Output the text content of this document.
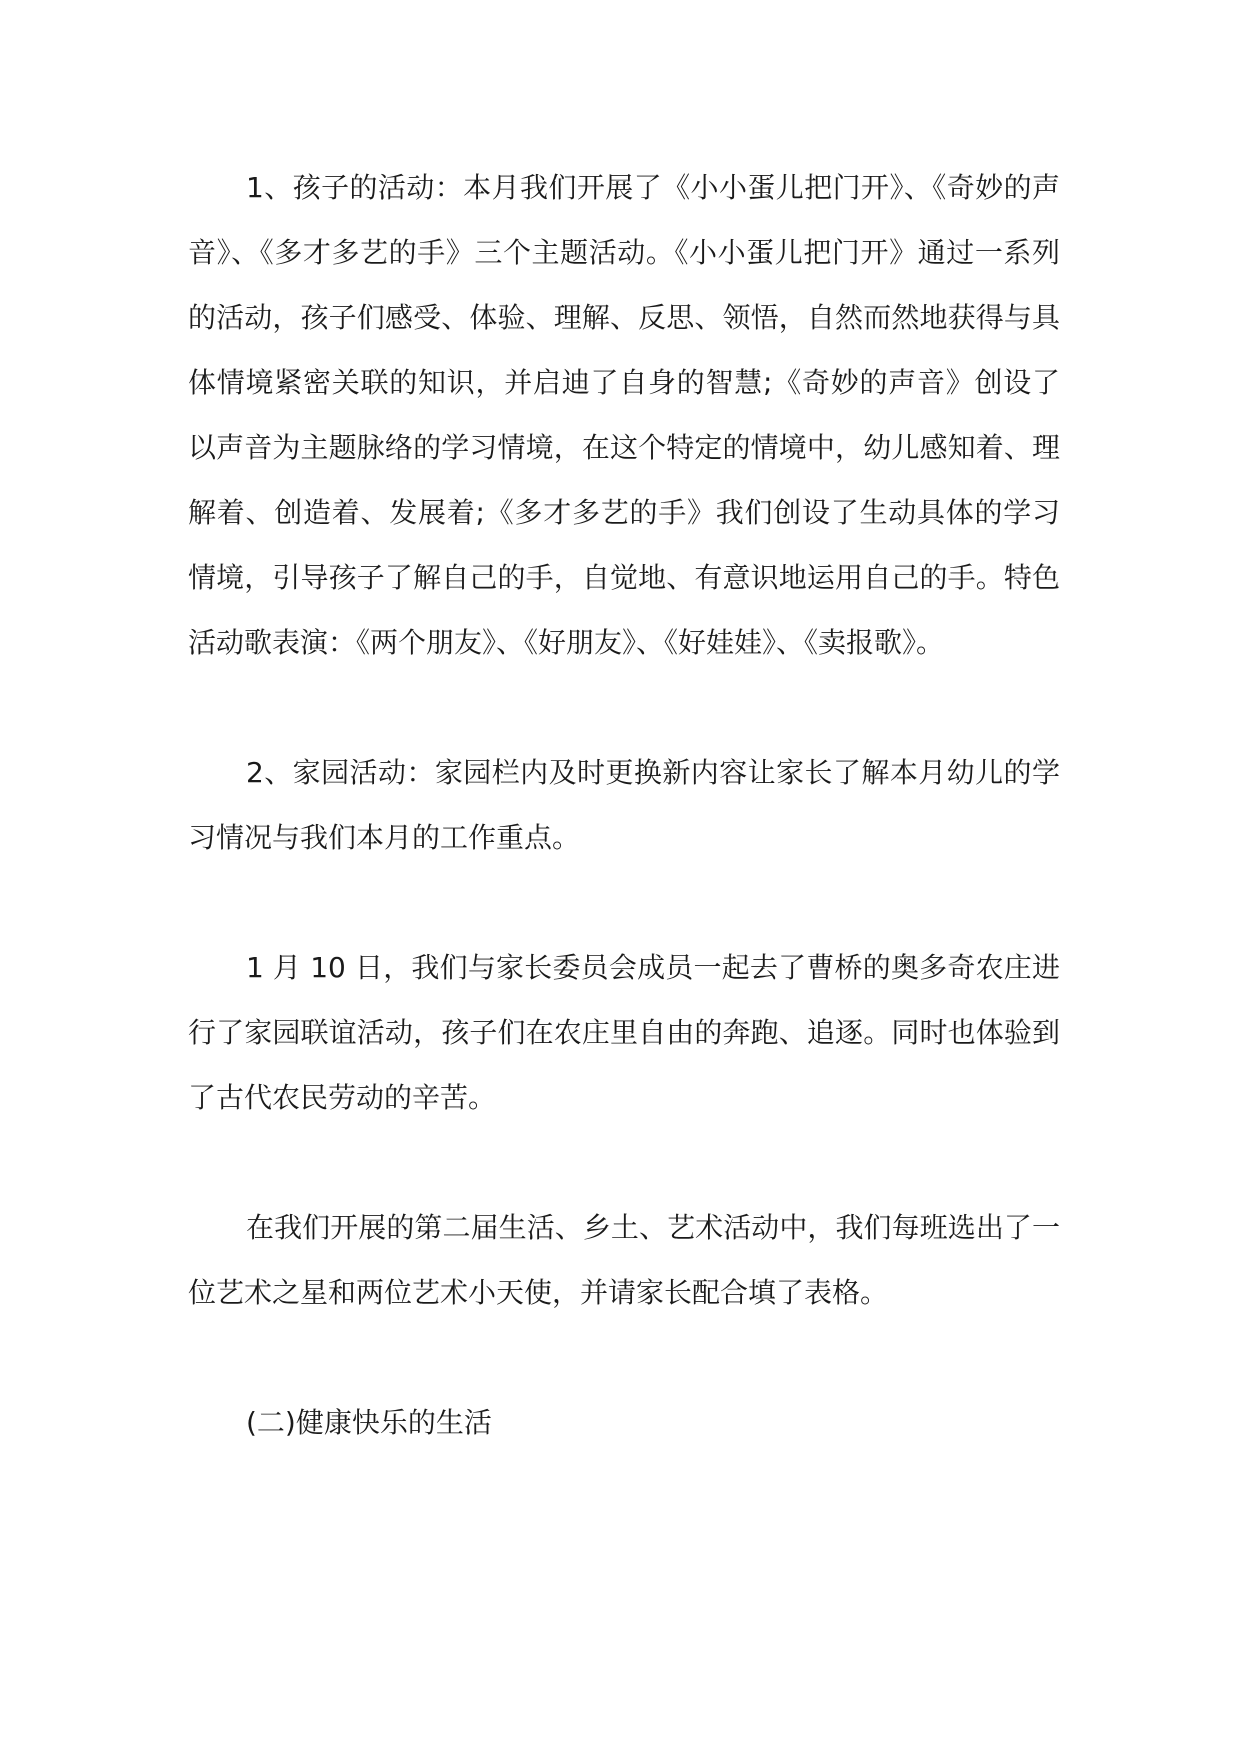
1、孩子的活动：本月我们开展了《小小蛋儿把门开》、《奇妙的声音》、《多才多艺的手》三个主题活动。《小小蛋儿把门开》通过一系列的活动，孩子们感受、体验、理解、反思、领悟，自然而然地获得与具体情境紧密关联的知识，并启迪了自身的智慧;《奇妙的声音》创设了以声音为主题脉络的学习情境，在这个特定的情境中，幼儿感知着、理解着、创造着、发展着;《多才多艺的手》我们创设了生动具体的学习情境，引导孩子了解自己的手，自觉地、有意识地运用自己的手。特色活动歌表演：《两个朋友》、《好朋友》、《好娃娃》、《卖报歌》。

2、家园活动：家园栏内及时更换新内容让家长了解本月幼儿的学习情况与我们本月的工作重点。

1 月 10 日，我们与家长委员会成员一起去了曹桥的奥多奇农庄进行了家园联谊活动，孩子们在农庄里自由的奔跑、追逐。同时也体验到了古代农民劳动的辛苦。

在我们开展的第二届生活、乡土、艺术活动中，我们每班选出了一位艺术之星和两位艺术小天使，并请家长配合填了表格。

(二)健康快乐的生活
